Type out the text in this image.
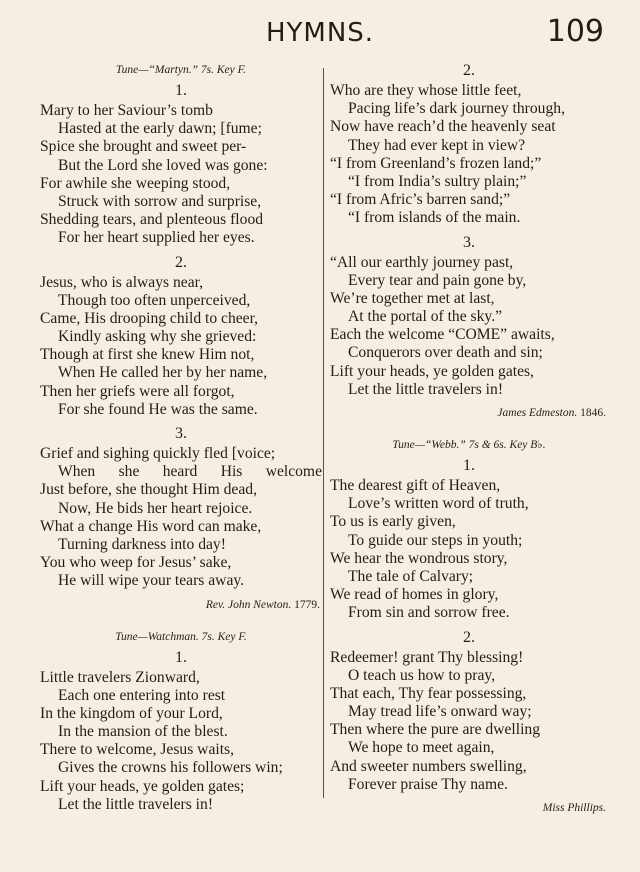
HYMNS.	109
Tune—“Martyn.” 7s. Key F.
1.
Mary to her Saviour’s tomb
Hasted at the early dawn; [fume;
Spice she brought and sweet per-
But the Lord she loved was gone:
For awhile she weeping stood,
Struck with sorrow and surprise,
Shedding tears, and plenteous flood
For her heart supplied her eyes.
2.
Jesus, who is always near,
Though too often unperceived,
Came, His drooping child to cheer,
Kindly asking why she grieved:
Though at first she knew Him not,
When He called her by her name,
Then her griefs were all forgot,
For she found He was the same.
3.
Grief and sighing quickly fled [voice;
When she heard His welcome
Just before, she thought Him dead,
Now, He bids her heart rejoice.
What a change His word can make,
Turning darkness into day!
You who weep for Jesus’ sake,
He will wipe your tears away.
Rev. John Newton. 1779.
Tune—Watchman. 7s. Key F.
1.
Little travelers Zionward,
Each one entering into rest
In the kingdom of your Lord,
In the mansion of the blest.
There to welcome, Jesus waits,
Gives the crowns his followers win;
Lift your heads, ye golden gates;
Let the little travelers in!
2.
Who are they whose little feet,
Pacing life’s dark journey through,
Now have reach’d the heavenly seat
They had ever kept in view?
“I from Greenland’s frozen land;”
“I from India’s sultry plain;”
“I from Afric’s barren sand;”
“I from islands of the main.
3.
“All our earthly journey past,
Every tear and pain gone by,
We’re together met at last,
At the portal of the sky.”
Each the welcome “COME” awaits,
Conquerors over death and sin;
Lift your heads, ye golden gates,
Let the little travelers in!
James Edmeston. 1846.
Tune—“Webb.” 7s & 6s. Key B♭.
1.
The dearest gift of Heaven,
Love’s written word of truth,
To us is early given,
To guide our steps in youth;
We hear the wondrous story,
The tale of Calvary;
We read of homes in glory,
From sin and sorrow free.
2.
Redeemer! grant Thy blessing!
O teach us how to pray,
That each, Thy fear possessing,
May tread life’s onward way;
Then where the pure are dwelling
We hope to meet again,
And sweeter numbers swelling,
Forever praise Thy name.
Miss Phillips.
